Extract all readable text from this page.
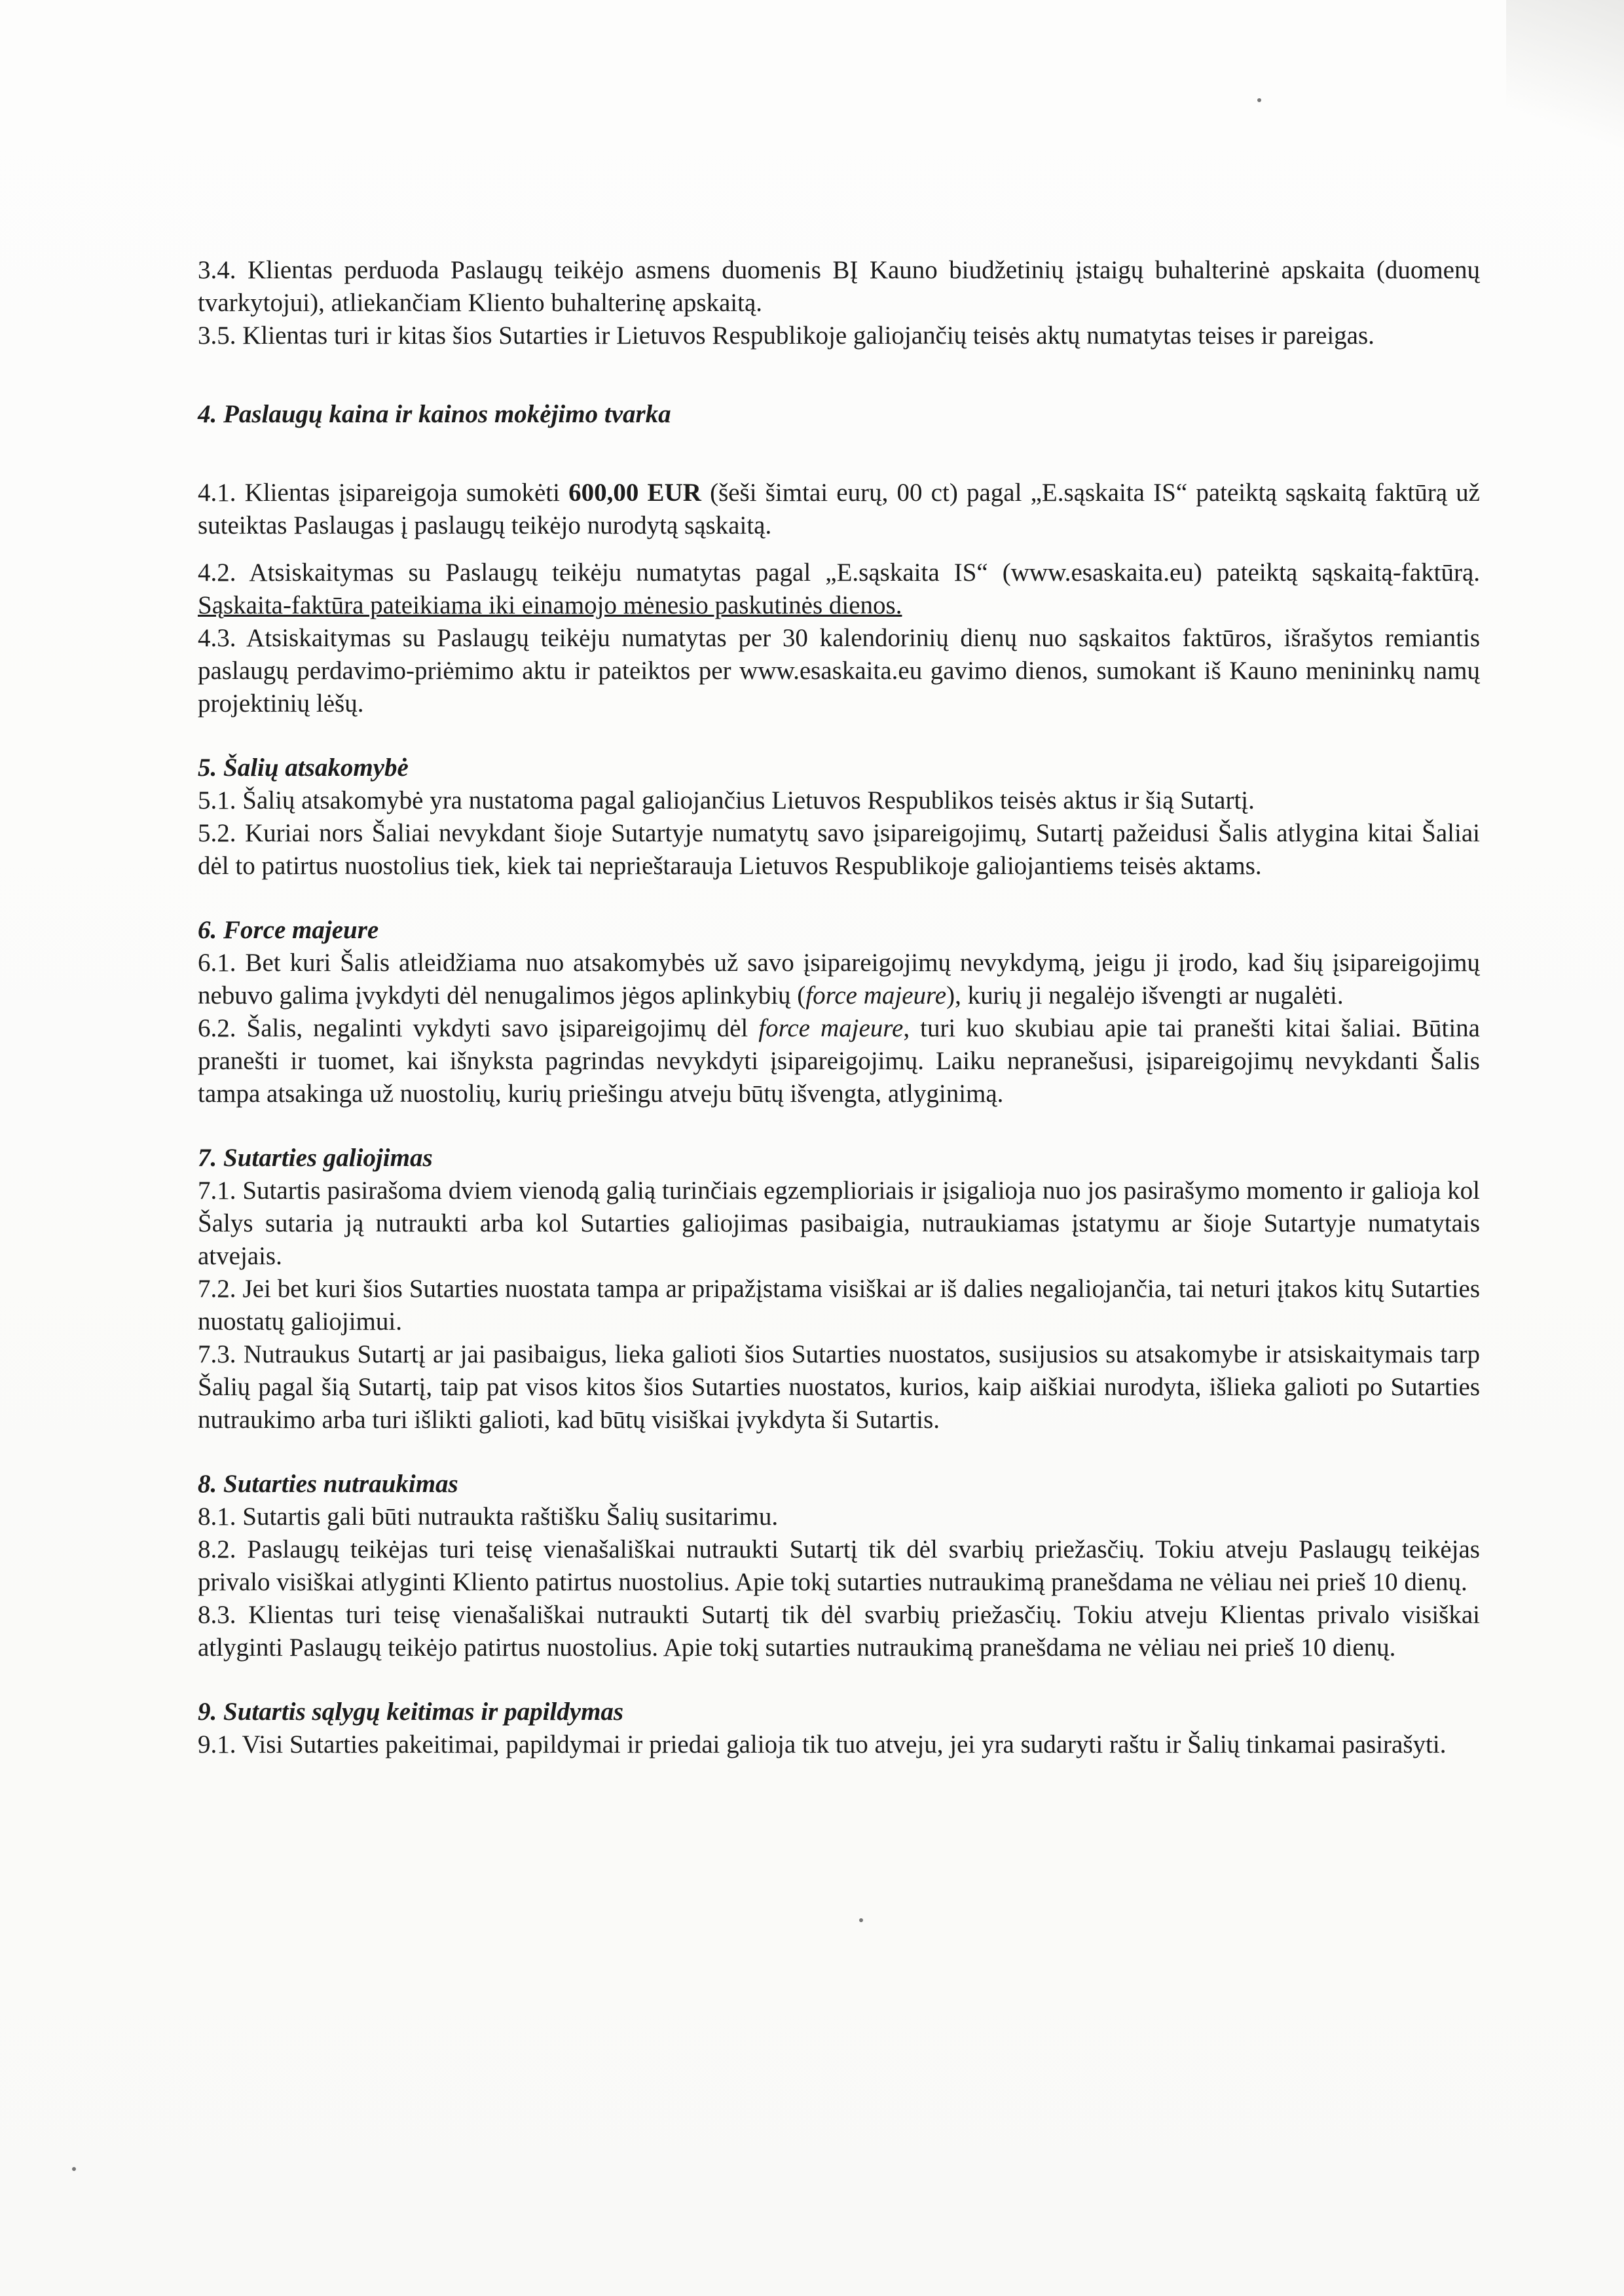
3.4. Klientas perduoda Paslaugų teikėjo asmens duomenis BĮ Kauno biudžetinių įstaigų buhalterinė apskaita (duomenų tvarkytojui), atliekančiam Kliento buhalterinę apskaitą.

3.5. Klientas turi ir kitas šios Sutarties ir Lietuvos Respublikoje galiojančių teisės aktų numatytas teises ir pareigas.

4. Paslaugų kaina ir kainos mokėjimo tvarka

4.1. Klientas įsipareigoja sumokėti 600,00 EUR (šeši šimtai eurų, 00 ct) pagal „E.sąskaita IS“ pateiktą sąskaitą faktūrą už suteiktas Paslaugas į paslaugų teikėjo nurodytą sąskaitą.

4.2. Atsiskaitymas su Paslaugų teikėju numatytas pagal „E.sąskaita IS“ (www.esaskaita.eu) pateiktą sąskaitą-faktūrą. Sąskaita-faktūra pateikiama iki einamojo mėnesio paskutinės dienos.

4.3. Atsiskaitymas su Paslaugų teikėju numatytas per 30 kalendorinių dienų nuo sąskaitos faktūros, išrašytos remiantis paslaugų perdavimo-priėmimo aktu ir pateiktos per www.esaskaita.eu gavimo dienos, sumokant iš Kauno menininkų namų projektinių lėšų.

5. Šalių atsakomybė

5.1. Šalių atsakomybė yra nustatoma pagal galiojančius Lietuvos Respublikos teisės aktus ir šią Sutartį.

5.2. Kuriai nors Šaliai nevykdant šioje Sutartyje numatytų savo įsipareigojimų, Sutartį pažeidusi Šalis atlygina kitai Šaliai dėl to patirtus nuostolius tiek, kiek tai neprieštarauja Lietuvos Respublikoje galiojantiems teisės aktams.

6. Force majeure

6.1. Bet kuri Šalis atleidžiama nuo atsakomybės už savo įsipareigojimų nevykdymą, jeigu ji įrodo, kad šių įsipareigojimų nebuvo galima įvykdyti dėl nenugalimos jėgos aplinkybių (force majeure), kurių ji negalėjo išvengti ar nugalėti.

6.2. Šalis, negalinti vykdyti savo įsipareigojimų dėl force majeure, turi kuo skubiau apie tai pranešti kitai šaliai. Būtina pranešti ir tuomet, kai išnyksta pagrindas nevykdyti įsipareigojimų. Laiku nepranešusi, įsipareigojimų nevykdanti Šalis tampa atsakinga už nuostolių, kurių priešingu atveju būtų išvengta, atlyginimą.

7. Sutarties galiojimas

7.1. Sutartis pasirašoma dviem vienodą galią turinčiais egzemplioriais ir įsigalioja nuo jos pasirašymo momento ir galioja kol Šalys sutaria ją nutraukti arba kol Sutarties galiojimas pasibaigia, nutraukiamas įstatymu ar šioje Sutartyje numatytais atvejais.

7.2. Jei bet kuri šios Sutarties nuostata tampa ar pripažįstama visiškai ar iš dalies negaliojančia, tai neturi įtakos kitų Sutarties nuostatų galiojimui.

7.3. Nutraukus Sutartį ar jai pasibaigus, lieka galioti šios Sutarties nuostatos, susijusios su atsakomybe ir atsiskaitymais tarp Šalių pagal šią Sutartį, taip pat visos kitos šios Sutarties nuostatos, kurios, kaip aiškiai nurodyta, išlieka galioti po Sutarties nutraukimo arba turi išlikti galioti, kad būtų visiškai įvykdyta ši Sutartis.

8. Sutarties nutraukimas

8.1. Sutartis gali būti nutraukta raštišku Šalių susitarimu.

8.2. Paslaugų teikėjas turi teisę vienašališkai nutraukti Sutartį tik dėl svarbių priežasčių. Tokiu atveju Paslaugų teikėjas privalo visiškai atlyginti Kliento patirtus nuostolius. Apie tokį sutarties nutraukimą pranešdama ne vėliau nei prieš 10 dienų.

8.3. Klientas turi teisę vienašališkai nutraukti Sutartį tik dėl svarbių priežasčių. Tokiu atveju Klientas privalo visiškai atlyginti Paslaugų teikėjo patirtus nuostolius. Apie tokį sutarties nutraukimą pranešdama ne vėliau nei prieš 10 dienų.

9. Sutartis sąlygų keitimas ir papildymas

9.1. Visi Sutarties pakeitimai, papildymai ir priedai galioja tik tuo atveju, jei yra sudaryti raštu ir Šalių tinkamai pasirašyti.
